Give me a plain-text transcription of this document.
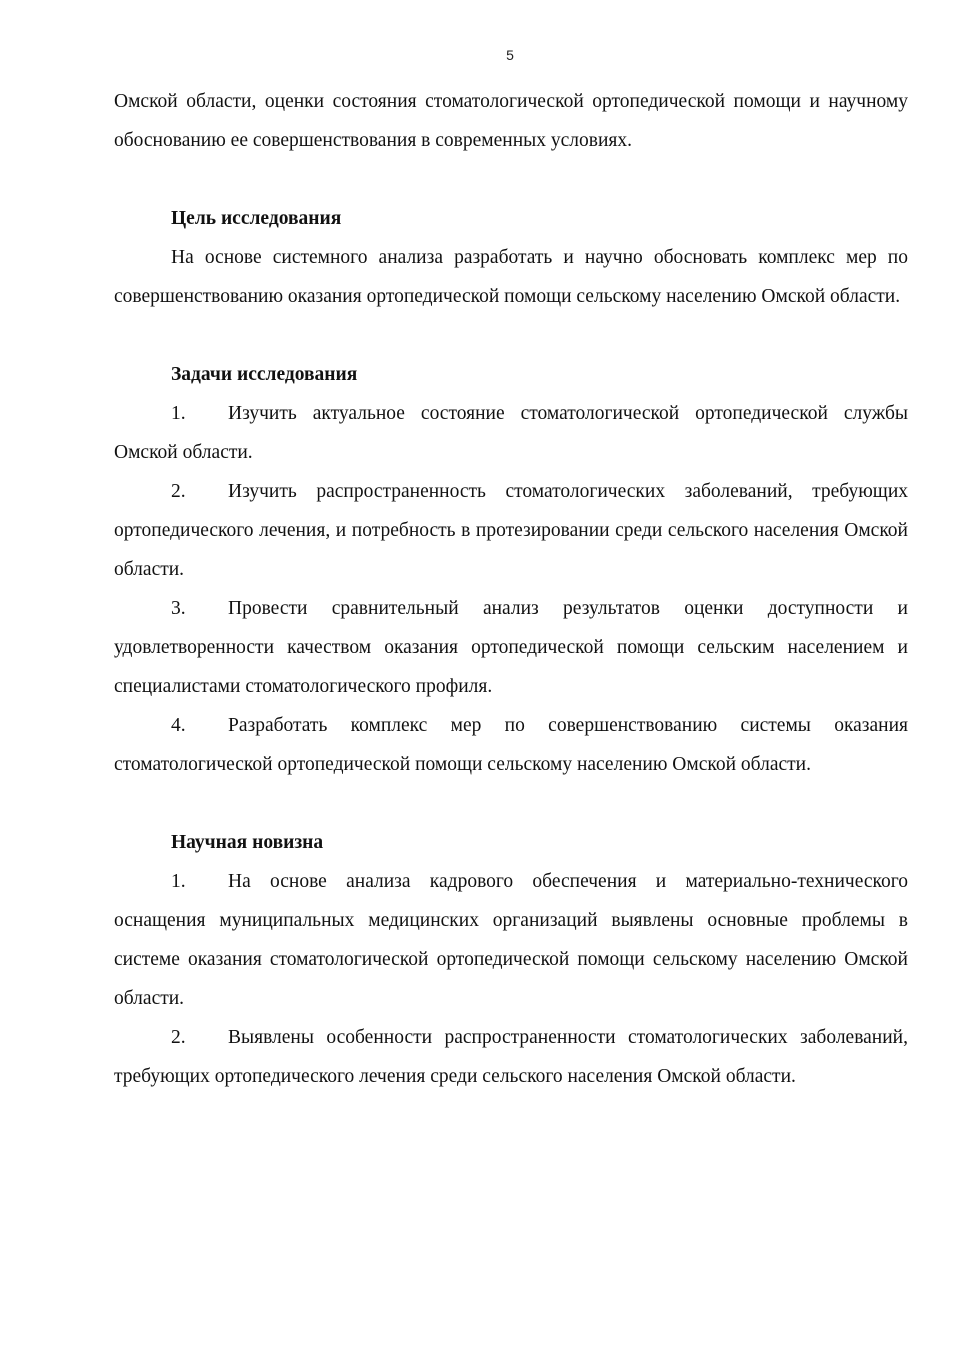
5

Омской области, оценки состояния стоматологической ортопедической помощи и научному обоснованию ее совершенствования в современных условиях.

Цель исследования

На основе системного анализа разработать и научно обосновать комплекс мер по совершенствованию оказания ортопедической помощи сельскому населению Омской области.

Задачи исследования

1. Изучить актуальное состояние стоматологической ортопедической службы Омской области.

2. Изучить распространенность стоматологических заболеваний, требующих ортопедического лечения, и потребность в протезировании среди сельского населения Омской области.

3. Провести сравнительный анализ результатов оценки доступности и удовлетворенности качеством оказания ортопедической помощи сельским населением и специалистами стоматологического профиля.

4. Разработать комплекс мер по совершенствованию системы оказания стоматологической ортопедической помощи сельскому населению Омской области.

Научная новизна

1. На основе анализа кадрового обеспечения и материально-технического оснащения муниципальных медицинских организаций выявлены основные проблемы в системе оказания стоматологической ортопедической помощи сельскому населению Омской области.

2. Выявлены особенности распространенности стоматологических заболеваний, требующих ортопедического лечения среди сельского населения Омской области.
